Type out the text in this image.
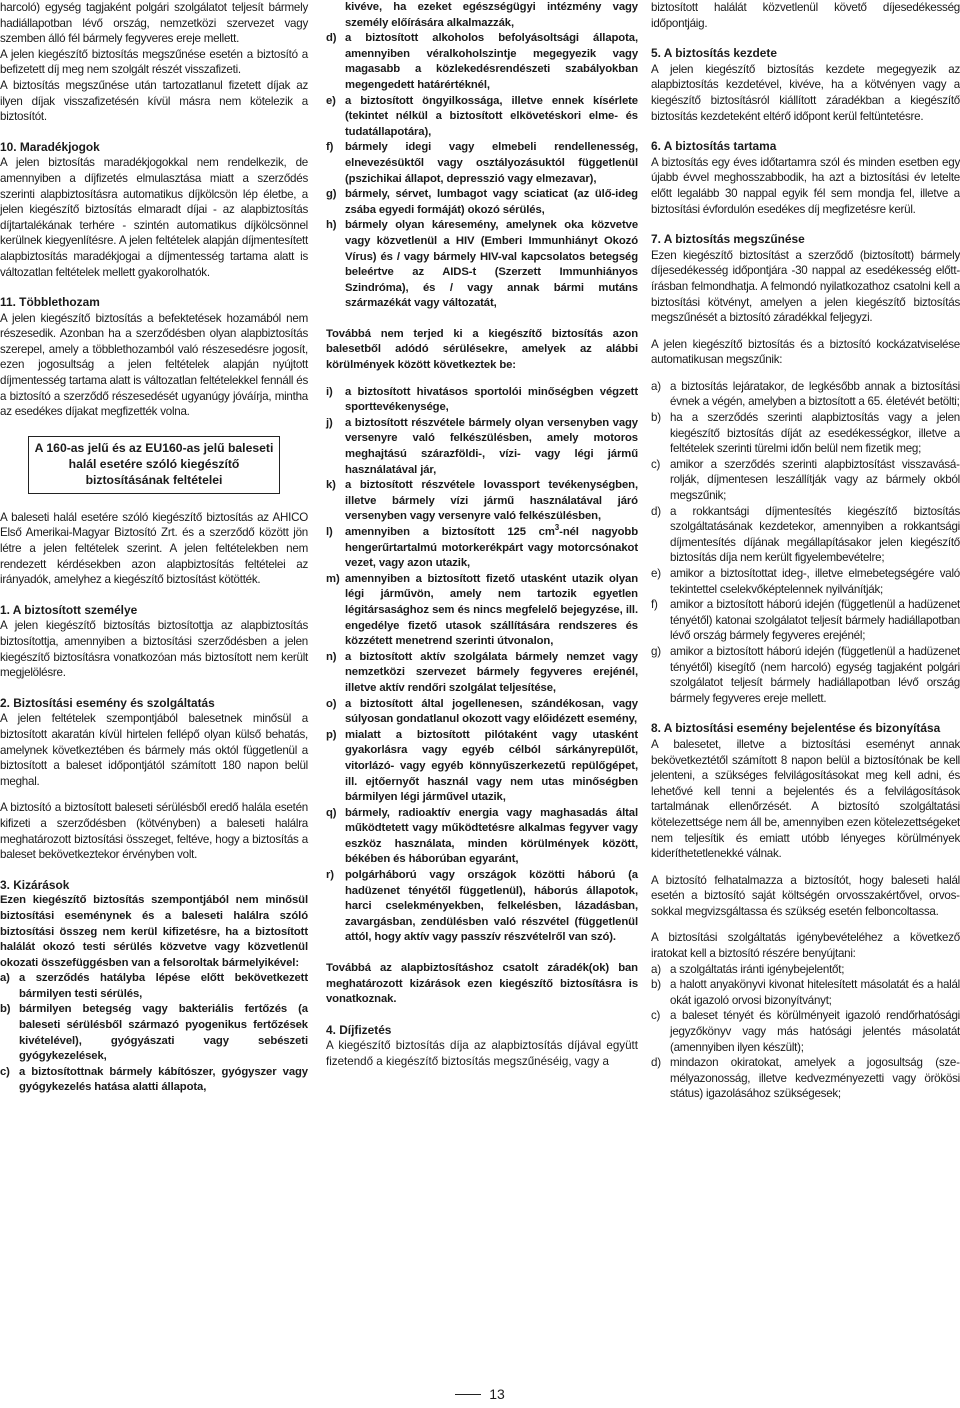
harcoló) egység tagjaként polgári szolgálatot teljesít bármely hadiállapotban lévő ország, nemzetközi szervezet vagy szemben álló fél bármely fegyveres ereje mellett.

A jelen kiegészítő biztosítás megszűnése esetén a biztosító a befizetett díj meg nem szolgált részét visszafizeti.

A biztosítás megszűnése után tartozatlanul fizetett díjak az ilyen díjak visszafizetésén kívül másra nem kötelezik a biztosítót.

10. Maradékjogok

A jelen biztosítás maradékjogokkal nem rendelkezik, de amennyiben a díjfizetés elmulasztása miatt a szerződés szerinti alapbiztosításra automatikus díjkölcsön lép életbe, a jelen kiegészítő biztosítás elmaradt díjai - az alapbiztosítás díjtartalékának terhére - szintén automatikus díjkölcsönnel kerülnek kiegyenlítésre. A jelen feltételek alapján díjmentesített alapbiztosítás maradékjogai a díjmentesség tartama alatt is változatlan feltételek mellett gyakorolhatók.

11. Többlethozam

A jelen kiegészítő biztosítás a befektetések hozamából nem részesedik. Azonban ha a szerződésben olyan alapbiztosítás szerepel, amely a többlethozamból való részesedésre jogosít, ezen jogosultság a jelen feltételek alapján nyújtott díjmentesség tartama alatt is változatlan feltételekkel fennáll és a biztosító a szerződő részesedését ugyanúgy jóváírja, mintha az esedékes díjakat megfizették volna.

A 160-as jelű és az EU160-as jelű baleseti halál esetére szóló kiegészítő biztosításának feltételei

A baleseti halál esetére szóló kiegészítő biztosítás az AHICO Első Amerikai-Magyar Biztosító Zrt. és a szerződő között jön létre a jelen feltételek szerint. A jelen feltételekben nem rendezett kérdésekben azon alapbiztosítás feltételei az irányadók, amelyhez a kiegészítő biztosítást kötötték.

1. A biztosított személye

A jelen kiegészítő biztosítás biztosítottja az alapbiztosítás biztosítottja, amennyiben a biztosítási szerződésben a jelen kiegészítő biztosításra vonatkozóan más biztosított nem került megjelölésre.

2. Biztosítási esemény és szolgáltatás

A jelen feltételek szempontjából balesetnek minősül a biztosított akaratán kívül hirtelen fellépő olyan külső behatás, amelynek következtében és bármely más októl függetlenül a biztosított a baleset időpontjától számított 180 napon belül meghal.

A biztosító a biztosított baleseti sérülésből eredő halála esetén kifizeti a szerződésben (kötvényben) a baleseti halálra meghatározott biztosítási összeget, feltéve, hogy a biztosítás a baleset bekövetkeztekor érvényben volt.

3. Kizárások

Ezen kiegészítő biztosítás szempontjából nem minősül biztosítási eseménynek és a baleseti halálra szóló biztosítási összeg nem kerül kifizetésre, ha a biztosított halálát okozó testi sérülés közvetve vagy közvetlenül okozati összefüggésben van a felsoroltak bármelyikével:

a) a szerződés hatályba lépése előtt bekövetkezett bármilyen testi sérülés,
b) bármilyen betegség vagy bakteriális fertőzés (a baleseti sérülésből származó pyogenikus fertőzések kivételével), gyógyászati vagy sebészeti gyógykezelések,
c) a biztosítottnak bármely kábítószer, gyógyszer vagy gyógykezelés hatása alatti állapota,

kivéve, ha ezeket egészségügyi intézmény vagy személy előírására alkalmazzák,

d) a biztosított alkoholos befolyásoltsági állapota, amennyiben véralkoholszintje megegyezik vagy magasabb a közlekedésrendészeti szabályokban megengedett határértéknél,
e) a biztosított öngyilkossága, illetve ennek kísérlete (tekintet nélkül a biztosított elkövetéskori elme- és tudatállapotára),
f)	bármely idegi vagy elmebeli rendellenesség, elnevezésüktől vagy osztályozásuktól függetlenül (pszichikai állapot, depresszió vagy elmezavar),
g) bármely, sérvet, lumbagot vagy sciaticat (az ülő-ideg zsába egyedi formáját) okozó sérülés,
h) bármely olyan káresemény, amelynek oka közvetve vagy közvetlenül a HIV (Emberi Immunhiányt Okozó Vírus) és / vagy bármely HIV-val kapcsolatos betegség beleértve az AIDS-t (Szerzett Immunhiányos Szindróma), és / vagy annak bármi mutáns származékát vagy változatát,

Továbbá nem terjed ki a kiegészítő biztosítás azon balesetből adódó sérülésekre, amelyek az alábbi körülmények között következtek be:

i)	a biztosított hivatásos sportolói minőségben végzett sporttevékenysége,
j)	a biztosított részvétele bármely olyan versenyben vagy versenyre való felkészülésben, amely motoros meghajtású szárazföldi-, vízi- vagy légi jármű használatával jár,
k) a biztosított részvétele lovassport tevékenységben, illetve bármely vízi jármű használatával járó versenyben vagy versenyre való felkészülésben,
l)	amennyiben a biztosított 125 $cm^3$-nél nagyobb hengerűrtartalmú motorkerékpárt vagy motorcsónakot vezet, vagy azon utazik,
m) amennyiben a biztosított fizető utasként utazik olyan légi járművön, amely nem tartozik egyetlen légitársasághoz sem és nincs megfelelő bejegyzése, ill. engedélye fizető utasok szállítására rendszeres és közzétett menetrend szerinti útvonalon,
n) a biztosított aktív szolgálata bármely nemzet vagy nemzetközi szervezet bármely fegyveres erejénél, illetve aktív rendőri szolgálat teljesítése,
o) a biztosított által jogellenesen, szándékosan, vagy súlyosan gondatlanul okozott vagy előidézett esemény,
p) mialatt a biztosított pilótaként vagy utasként gyakorlásra vagy egyéb célból sárkányrepülőt, vitorlázó- vagy egyéb könnyűszerkezetű repülőgépet, ill. ejtőernyőt használ vagy nem utas minőségben bármilyen légi járművel utazik,
q) bármely, radioaktív energia vagy maghasadás által működtetett vagy működtetésre alkalmas fegyver vagy eszköz használata, minden körülmények között, békében és háborúban egyaránt,
r) polgárháború vagy országok közötti háború (a hadüzenet tényétől függetlenül), háborús állapotok, harci cselekményekben, felkelésben, lázadásban, zavargásban, zendülésben való részvétel (függetlenül attól, hogy aktív vagy passzív részvételről van szó).

Továbbá az alapbiztosításhoz csatolt záradék(ok) ban meghatározott kizárások ezen kiegészítő biztosításra is vonatkoznak.

4. Díjfizetés

A kiegészítő biztosítás díja az alapbiztosítás díjával együtt fizetendő a kiegészítő biztosítás megszűnéséig, vagy a

biztosított halálát közvetlenül követő díjesedékesség időpontjáig.

5. A biztosítás kezdete

A jelen kiegészítő biztosítás kezdete megegyezik az alapbiztosítás kezdetével, kivéve, ha a kötvényen vagy a kiegészítő biztosításról kiállított záradékban a kiegészítő biztosítás kezdeteként eltérő időpont kerül feltüntetésre.

6. A biztosítás tartama

A biztosítás egy éves időtartamra szól és minden esetben egy újabb évvel meghosszabbodik, ha azt a biztosítási év letelte előtt legalább 30 nappal egyik fél sem mondja fel, illetve a biztosítási évfordulón esedékes díj megfizetésre kerül.

7. A biztosítás megszűnése

Ezen kiegészítő biztosítást a szerződő (biztosított) bármely díjesedékesség időpontjára -30 nappal az esedékesség előtt- írásban felmondhatja. A felmondó nyilatkozathoz csatolni kell a biztosítási kötvényt, amelyen a jelen kiegészítő biztosítás megszűnését a biztosító záradékkal feljegyzi.

A jelen kiegészítő biztosítás és a biztosító kockázatviselése automatikusan megszűnik:

a) a biztosítás lejáratakor, de legkésőbb annak a biztosítási évnek a végén, amelyben a biztosított a 65. életévét betölti;
b) ha a szerződés szerinti alapbiztosítás vagy a jelen kiegészítő biztosítás díját az esedékességkor, illetve a feltételek szerinti türelmi időn belül nem fizetik meg;
c) amikor a szerződés szerinti alapbiztosítást visszavásárolják, díjmentesen leszállítják vagy az bármely okból megszűnik;
d) a rokkantsági díjmentesítés kiegészítő biztosítás szolgáltatásának kezdetekor, amennyiben a rokkantsági díjmentesítés díjának megállapításakor jelen kiegészítő biztosítás díja nem került figyelembevételre;
e) amikor a biztosítottat ideg-, illetve elmebetegségére való tekintettel cselekvőképtelennek nyilvánítják;
f)	amikor a biztosított háború idején (függetlenül a hadüzenet tényétől) katonai szolgálatot teljesít bármely hadiállapotban lévő ország bármely fegyveres erejénél;
g) amikor a biztosított háború idején (függetlenül a hadüzenet tényétől) kisegítő (nem harcoló) egység tagjaként polgári szolgálatot teljesít bármely hadiállapotban lévő ország bármely fegyveres ereje mellett.

8. A biztosítási esemény bejelentése és bizonyítása

A balesetet, illetve a biztosítási eseményt annak bekövetkeztétől számított 8 napon belül a biztosítónak be kell jelenteni, a szükséges felvilágosításokat meg kell adni, és lehetővé kell tenni a bejelentés és a felvilágosítások tartalmának ellenőrzését. A biztosító szolgáltatási kötelezettsége nem áll be, amennyiben ezen kötelezettségeket nem teljesítik és emiatt utóbb lényeges körülmények kideríthetetlenekké válnak.

A biztosító felhatalmazza a biztosítót, hogy baleseti halál esetén a biztosító saját költségén orvosszakértővel, orvossokkal megvizsgáltassa és szükség esetén felboncoltassa.

A biztosítási szolgáltatás igénybevételéhez a következő iratokat kell a biztosító részére benyújtani:

a) a szolgáltatás iránti igénybejelentőt;
b) a halott anyakönyvi kivonat hitelesített másolatát és a halál okát igazoló orvosi bizonyítványt;
c) a baleset tényét és körülményeit igazoló rendőrhatósági jegyzőkönyv vagy más hatósági jelentés másolatát (amennyiben ilyen készült);
d) mindazon okiratokat, amelyek a jogosultság (személyazonosság, illetve kedvezményezetti vagy örökösi státus) igazolásához szükségesek;
13
